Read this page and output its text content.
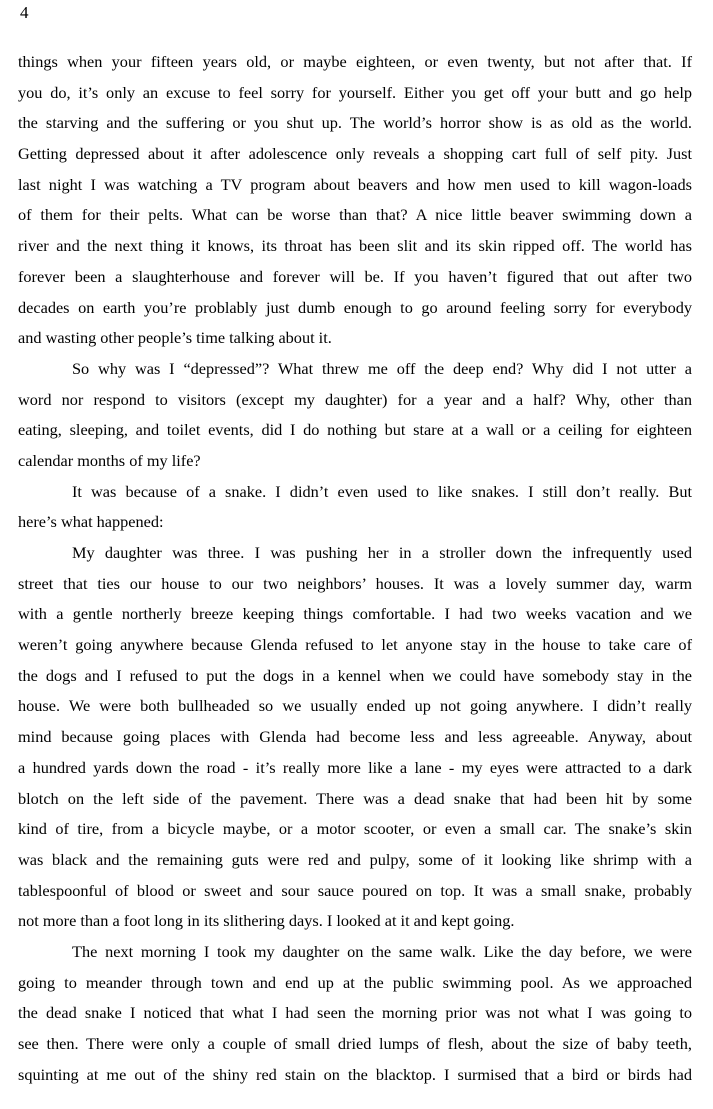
4
things when your fifteen years old, or maybe eighteen, or even twenty, but not after that. If
you do, it’s only an excuse to feel sorry for yourself. Either you get off your butt and go help
the starving and the suffering or you shut up. The world’s horror show is as old as the world.
Getting depressed about it after adolescence only reveals a shopping cart full of self pity. Just
last night I was watching a TV program about beavers and how men used to kill wagon-loads
of them for their pelts. What can be worse than that? A nice little beaver swimming down a
river and the next thing it knows, its throat has been slit and its skin ripped off. The world has
forever been a slaughterhouse and forever will be. If you haven’t figured that out after two
decades on earth you’re problably just dumb enough to go around feeling sorry for everybody
and wasting other people’s time talking about it.
So why was I “depressed”? What threw me off the deep end? Why did I not utter a
word nor respond to visitors (except my daughter) for a year and a half? Why, other than
eating, sleeping, and toilet events, did I do nothing but stare at a wall or a ceiling for eighteen
calendar months of my life?
It was because of a snake. I didn’t even used to like snakes. I still don’t really. But
here’s what happened:
My daughter was three. I was pushing her in a stroller down the infrequently used
street that ties our house to our two neighbors’ houses. It was a lovely summer day, warm
with a gentle northerly breeze keeping things comfortable. I had two weeks vacation and we
weren’t going anywhere because Glenda refused to let anyone stay in the house to take care of
the dogs and I refused to put the dogs in a kennel when we could have somebody stay in the
house. We were both bullheaded so we usually ended up not going anywhere. I didn’t really
mind because going places with Glenda had become less and less agreeable. Anyway, about
a hundred yards down the road - it’s really more like a lane - my eyes were attracted to a dark
blotch on the left side of the pavement. There was a dead snake that had been hit by some
kind of tire, from a bicycle maybe, or a motor scooter, or even a small car. The snake’s skin
was black and the remaining guts were red and pulpy, some of it looking like shrimp with a
tablespoonful of blood or sweet and sour sauce poured on top. It was a small snake, probably
not more than a foot long in its slithering days. I looked at it and kept going.
The next morning I took my daughter on the same walk. Like the day before, we were
going to meander through town and end up at the public swimming pool. As we approached
the dead snake I noticed that what I had seen the morning prior was not what I was going to
see then. There were only a couple of small dried lumps of flesh, about the size of baby teeth,
squinting at me out of the shiny red stain on the blacktop. I surmised that a bird or birds had
